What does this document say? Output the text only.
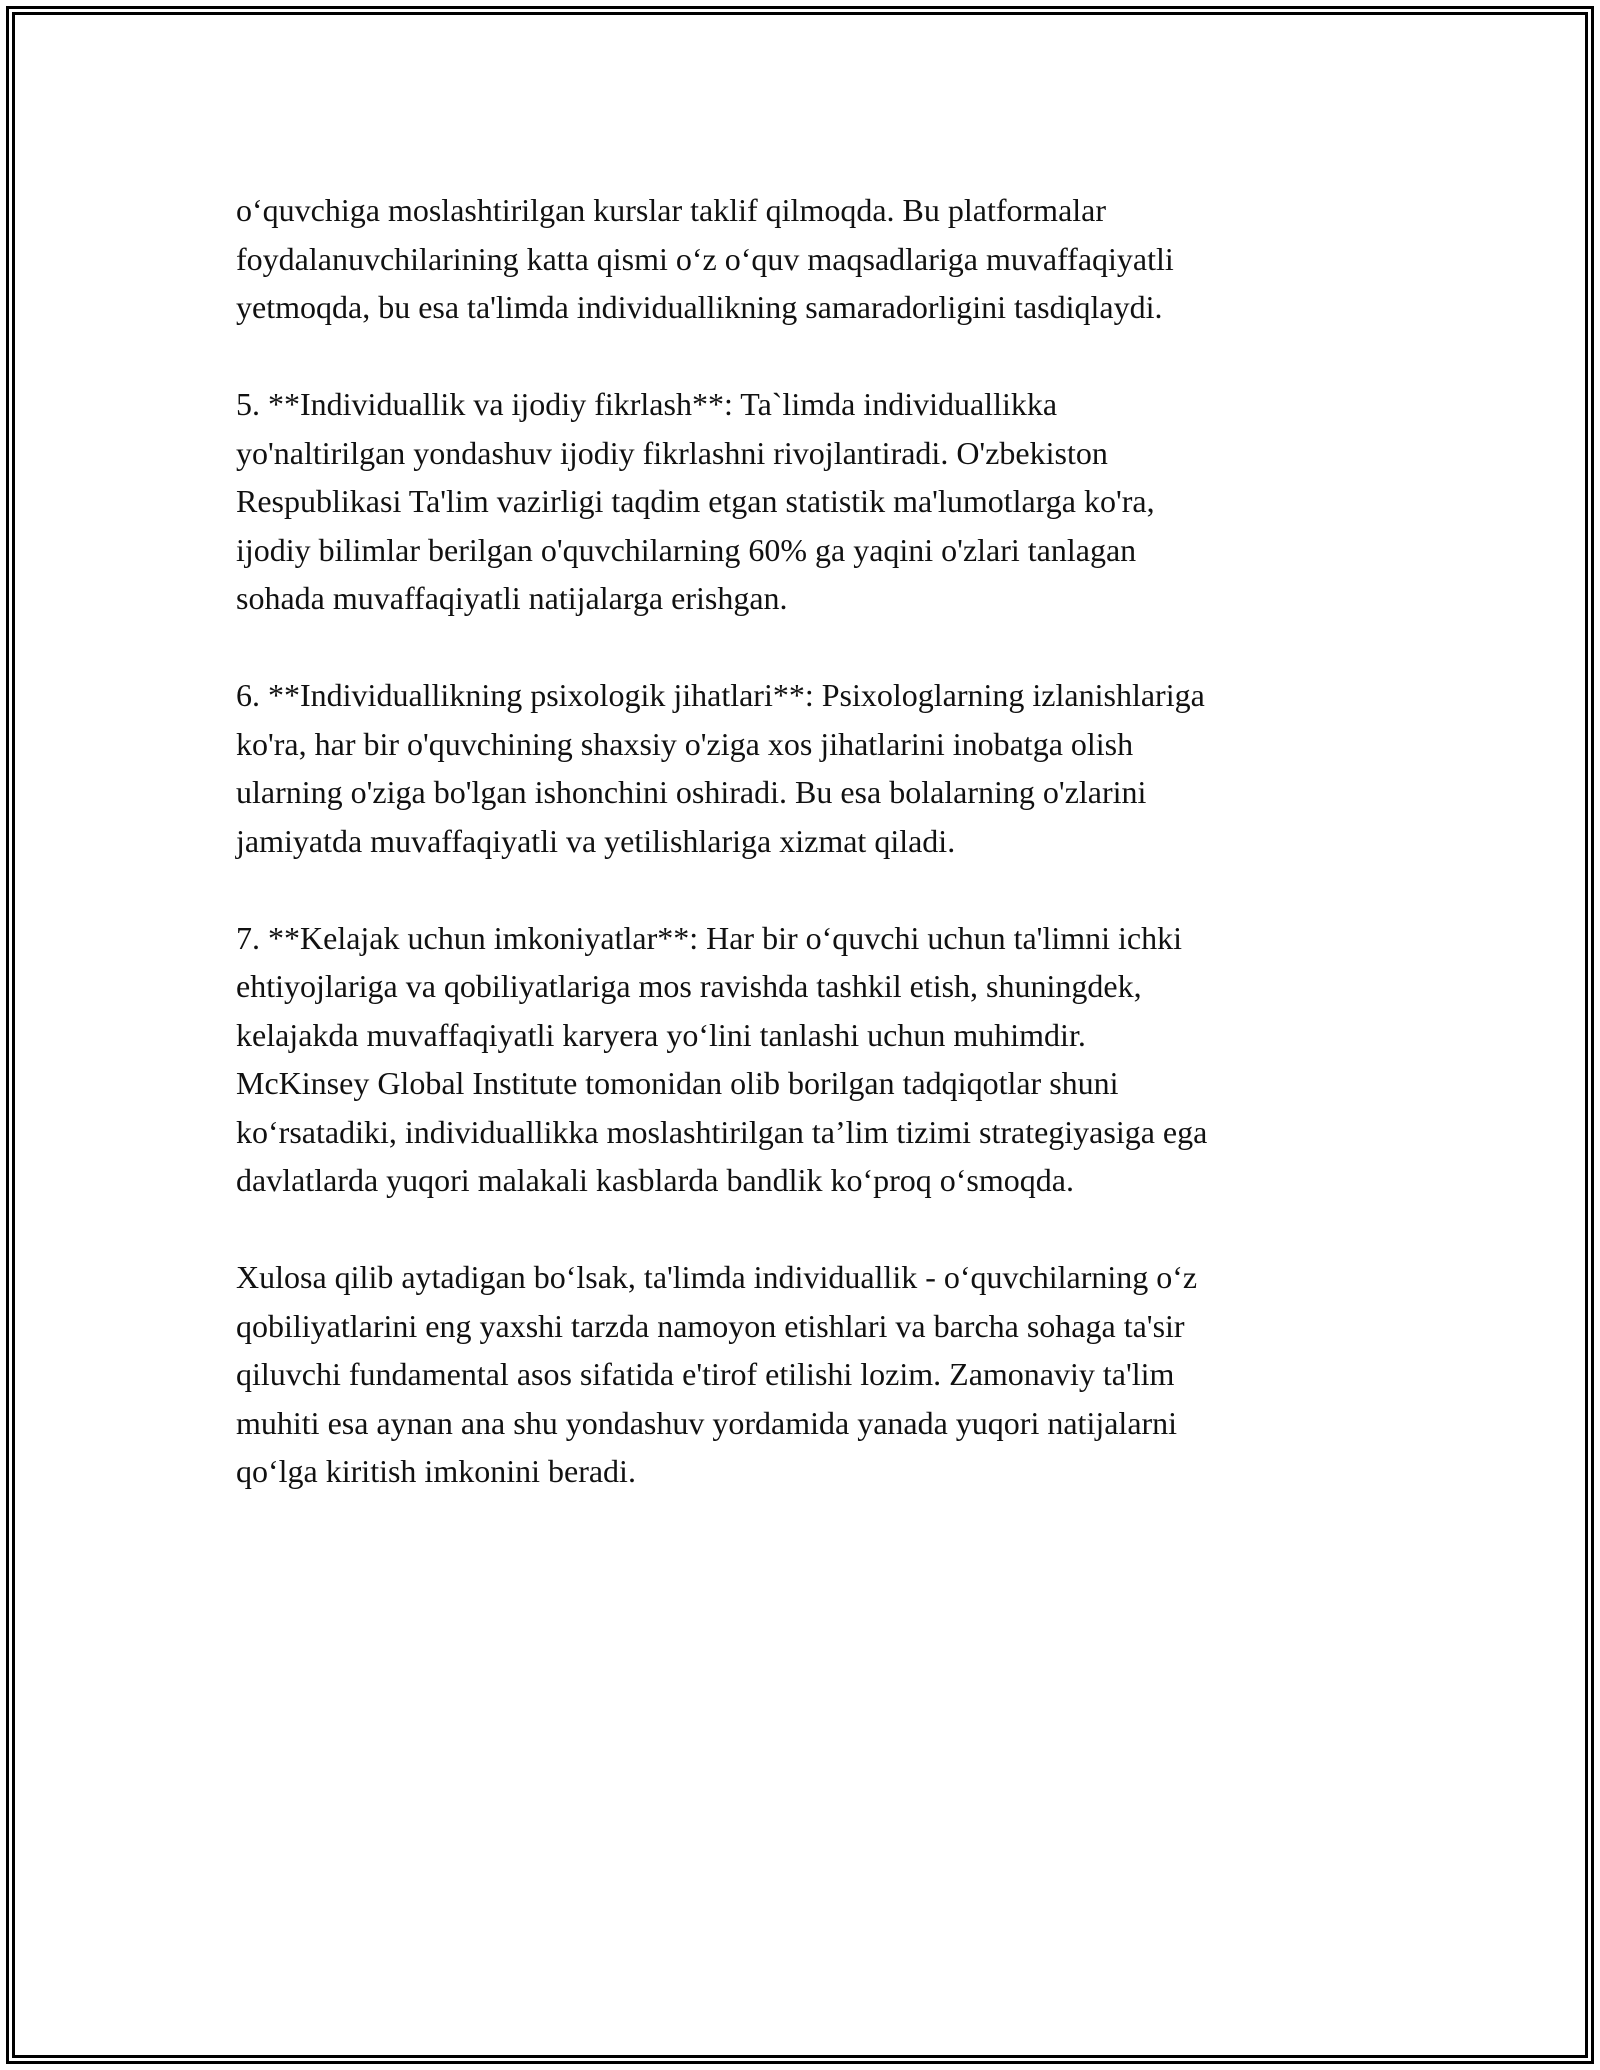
o‘quvchiga moslashtirilgan kurslar taklif qilmoqda. Bu platformalar
foydalanuvchilarining katta qismi o‘z o‘quv maqsadlariga muvaffaqiyatli
yetmoqda, bu esa ta'limda individuallikning samaradorligini tasdiqlaydi.

5. **Individuallik va ijodiy fikrlash**: Ta`limda individuallikka
yo'naltirilgan yondashuv ijodiy fikrlashni rivojlantiradi. O'zbekiston
Respublikasi Ta'lim vazirligi taqdim etgan statistik ma'lumotlarga ko'ra,
ijodiy bilimlar berilgan o'quvchilarning 60% ga yaqini o'zlari tanlagan
sohada muvaffaqiyatli natijalarga erishgan.

6. **Individuallikning psixologik jihatlari**: Psixologlarning izlanishlariga
ko'ra, har bir o'quvchining shaxsiy o'ziga xos jihatlarini inobatga olish
ularning o'ziga bo'lgan ishonchini oshiradi. Bu esa bolalarning o'zlarini
jamiyatda muvaffaqiyatli va yetilishlariga xizmat qiladi.

7. **Kelajak uchun imkoniyatlar**: Har bir o‘quvchi uchun ta'limni ichki
ehtiyojlariga va qobiliyatlariga mos ravishda tashkil etish, shuningdek,
kelajakda muvaffaqiyatli karyera yo‘lini tanlashi uchun muhimdir.
McKinsey Global Institute tomonidan olib borilgan tadqiqotlar shuni
ko‘rsatadiki, individuallikka moslashtirilgan ta’lim tizimi strategiyasiga ega
davlatlarda yuqori malakali kasblarda bandlik ko‘proq o‘smoqda.

Xulosa qilib aytadigan bo‘lsak, ta'limda individuallik - o‘quvchilarning o‘z
qobiliyatlarini eng yaxshi tarzda namoyon etishlari va barcha sohaga ta'sir
qiluvchi fundamental asos sifatida e'tirof etilishi lozim. Zamonaviy ta'lim
muhiti esa aynan ana shu yondashuv yordamida yanada yuqori natijalarni
qo‘lga kiritish imkonini beradi.
